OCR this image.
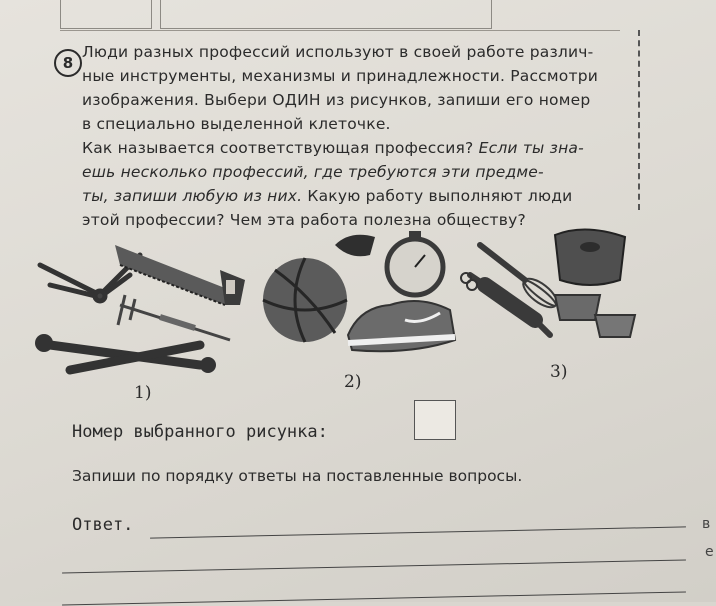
8

Люди разных профессий используют в своей работе различ-

ные инструменты, механизмы и принадлежности. Рассмотри

изображения. Выбери ОДИН из рисунков, запиши его номер

в специально выделенной клеточке.

Как называется соответствующая профессия? Если ты зна-

ешь несколько профессий, где требуются эти предме-

ты, запиши любую из них. Какую работу выполняют люди

этой профессии? Чем эта работа полезна обществу?

1)
2)	3)
Номер выбранного рисунка:
Запиши по порядку ответы на поставленные вопросы.
Ответ.	в
е
